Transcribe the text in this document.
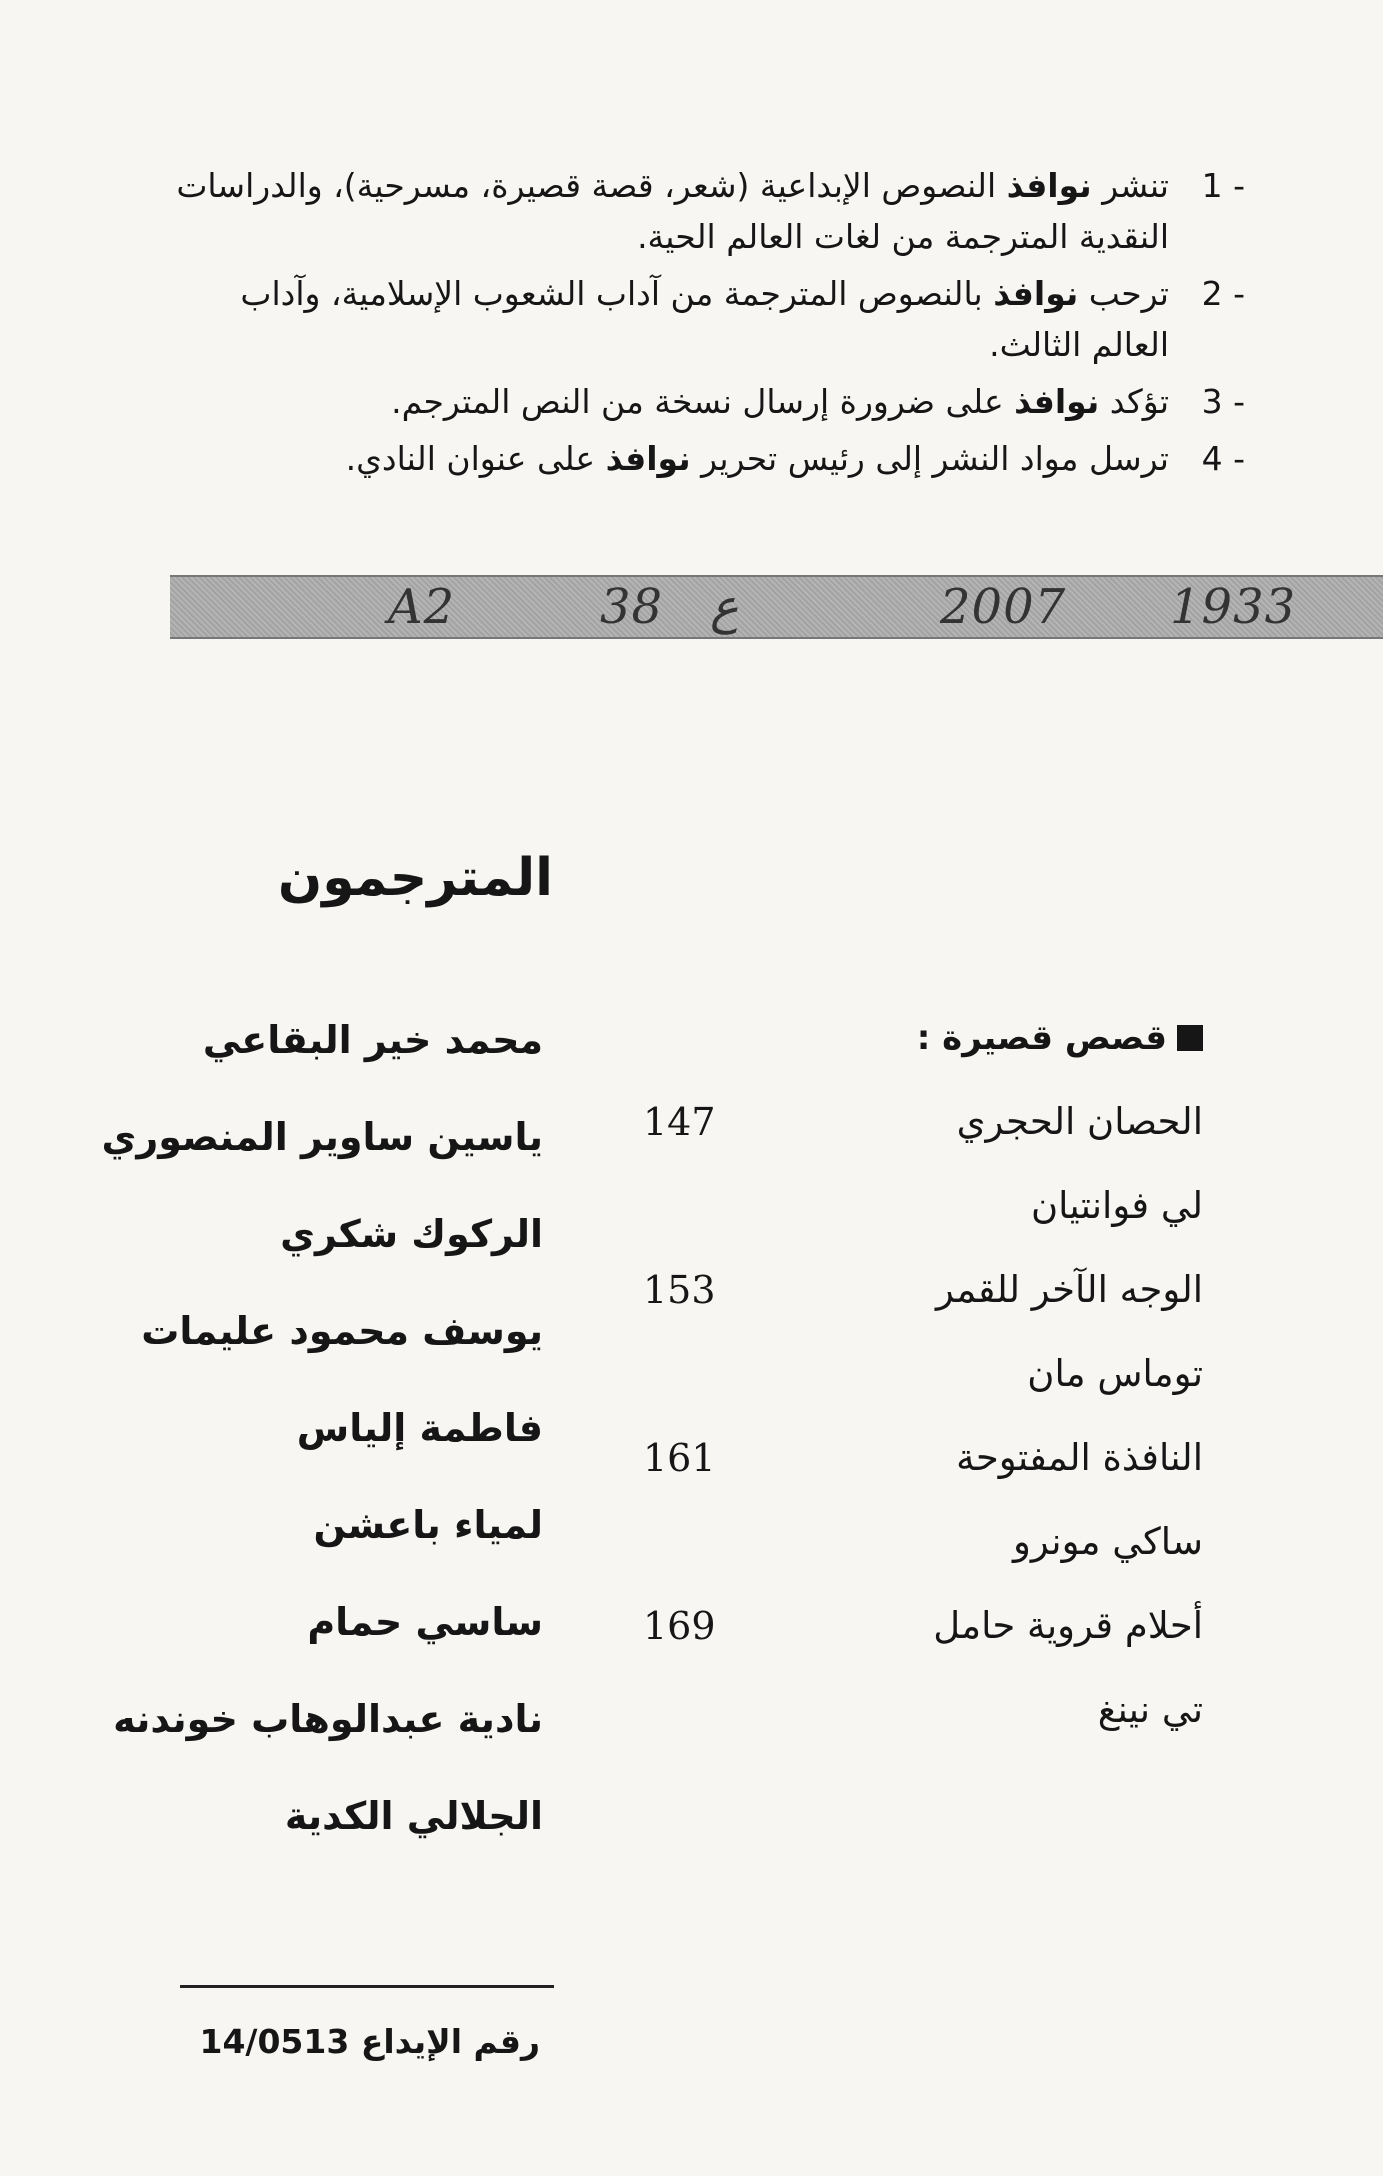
1 -
تنشر نوافذ النصوص الإبداعية (شعر، قصة قصيرة، مسرحية)، والدراسات النقدية المترجمة من لغات العالم الحية.

2 -
ترحب نوافذ بالنصوص المترجمة من آداب الشعوب الإسلامية، وآداب العالم الثالث.

3 -
تؤكد نوافذ على ضرورة إرسال نسخة من النص المترجم.

4 -
ترسل مواد النشر إلى رئيس تحرير نوافذ على عنوان النادي.

A2	38 ع	2007 1933
المترجمون
محمد خير البقاعي
ياسين ساوير المنصوري
الركوك شكري
يوسف محمود عليمات
فاطمة إلياس
لمياء باعشن
ساسي حمام
نادية عبدالوهاب خوندنه
الجلالي الكدية
قصص قصيرة :
الحصان الحجري
147
لي فوانتيان
الوجه الآخر للقمر
153
توماس مان
النافذة المفتوحة
161
ساكي مونرو
أحلام قروية حامل
169
تي نينغ
رقم الإيداع 14/0513
